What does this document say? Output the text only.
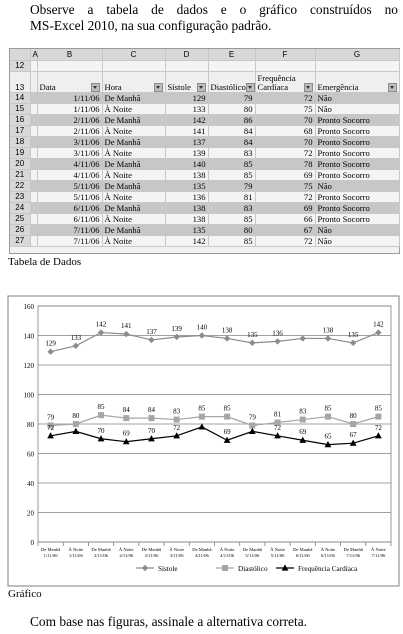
Observe a tabela de dados e o gráfico construídos no
MS-Excel 2010, na sua configuração padrão.
	A	B	C	D	E	F	G
12							
13		Data	Hora	Sístole	Diastólico	Frequência Cardíaca	Emergência

14		1/11/06	De Manhã	129	79	72	Não
15		1/11/06	À Noite	133	80	75	Não
16		2/11/06	De Manhã	142	86	70	Pronto Socorro
17		2/11/06	À Noite	141	84	68	Pronto Socorro
18		3/11/06	De Manhã	137	84	70	Pronto Socorro
19		3/11/06	À Noite	139	83	72	Pronto Socorro
20		4/11/06	De Manhã	140	85	78	Pronto Socorro
21		4/11/06	À Noite	138	85	69	Pronto Socorro
22		5/11/06	De Manhã	135	79	75	Não
23		5/11/06	À Noite	136	81	72	Pronto Socorro
24		6/11/06	De Manhã	138	83	69	Pronto Socorro
25		6/11/06	À Noite	138	85	66	Pronto Socorro
26		7/11/06	De Manhã	135	80	67	Não
27		7/11/06	À Noite	142	85	72	Não
Tabela de Dados
0
20
40
60
80
100
120
140
160
De Manhã
1/11/06
À Noite
1/11/06
De Manhã
2/11/06
À Noite
2/11/06
De Manhã
3/11/06
À Noite
3/11/06
De Manhã
4/11/06
À Noite
4/11/06
De Manhã
5/11/06
À Noite
5/11/06
De Manhã
6/11/06
À Noite
6/11/06
De Manhã
7/11/06
À Noite
7/11/06
129
133
142 141
137 139 140 138
135 136	138
135
142
79	80
85	84	84	83	85	85
79	81	83	85
80
85
72	70	69	70	72
69
72
69
65	67
72
Sístole	Diastólico	Frequência Cardíaca
Gráfico
Com base nas figuras, assinale a alternativa correta.
